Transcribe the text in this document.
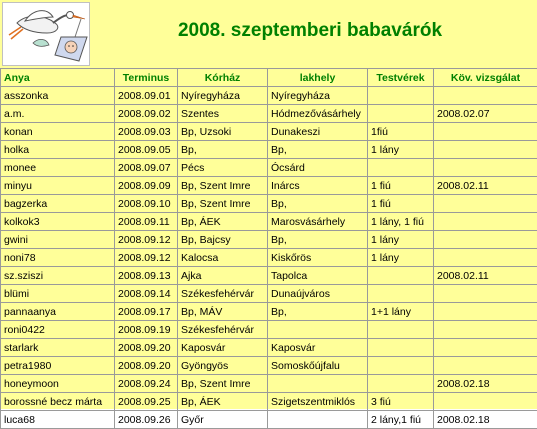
2008. szeptemberi babavárók
Anya	Terminus	Kórház	lakhely	Testvérek	Köv. vizsgálat
asszonka	2008.09.01	Nyíregyháza	Nyíregyháza		
a.m.	2008.09.02	Szentes	Hódmezővásárhely		2008.02.07
konan	2008.09.03	Bp, Uzsoki	Dunakeszi	1fiú	
holka	2008.09.05	Bp,	Bp,	1 lány	
monee	2008.09.07	Pécs	Ócsárd		
minyu	2008.09.09	Bp, Szent Imre	Inárcs	1 fiú	2008.02.11
bagzerka	2008.09.10	Bp, Szent Imre	Bp,	1 fiú	
kolkok3	2008.09.11	Bp, ÁEK	Marosvásárhely	1 lány, 1 fiú	
gwini	2008.09.12	Bp, Bajcsy	Bp,	1 lány	
noni78	2008.09.12	Kalocsa	Kiskőrös	1 lány	
sz.sziszi	2008.09.13	Ajka	Tapolca		2008.02.11
blümi	2008.09.14	Székesfehérvár	Dunaújváros		
pannaanya	2008.09.17	Bp, MÁV	Bp,	1+1 lány	
roni0422	2008.09.19	Székesfehérvár			
starlark	2008.09.20	Kaposvár	Kaposvár		
petra1980	2008.09.20	Gyöngyös	Somoskőújfalu		
honeymoon	2008.09.24	Bp, Szent Imre			2008.02.18
borossné becz márta	2008.09.25	Bp, ÁEK	Szigetszentmiklós	3 fiú	
luca68	2008.09.26	Győr		2 lány,1 fiú	2008.02.18
